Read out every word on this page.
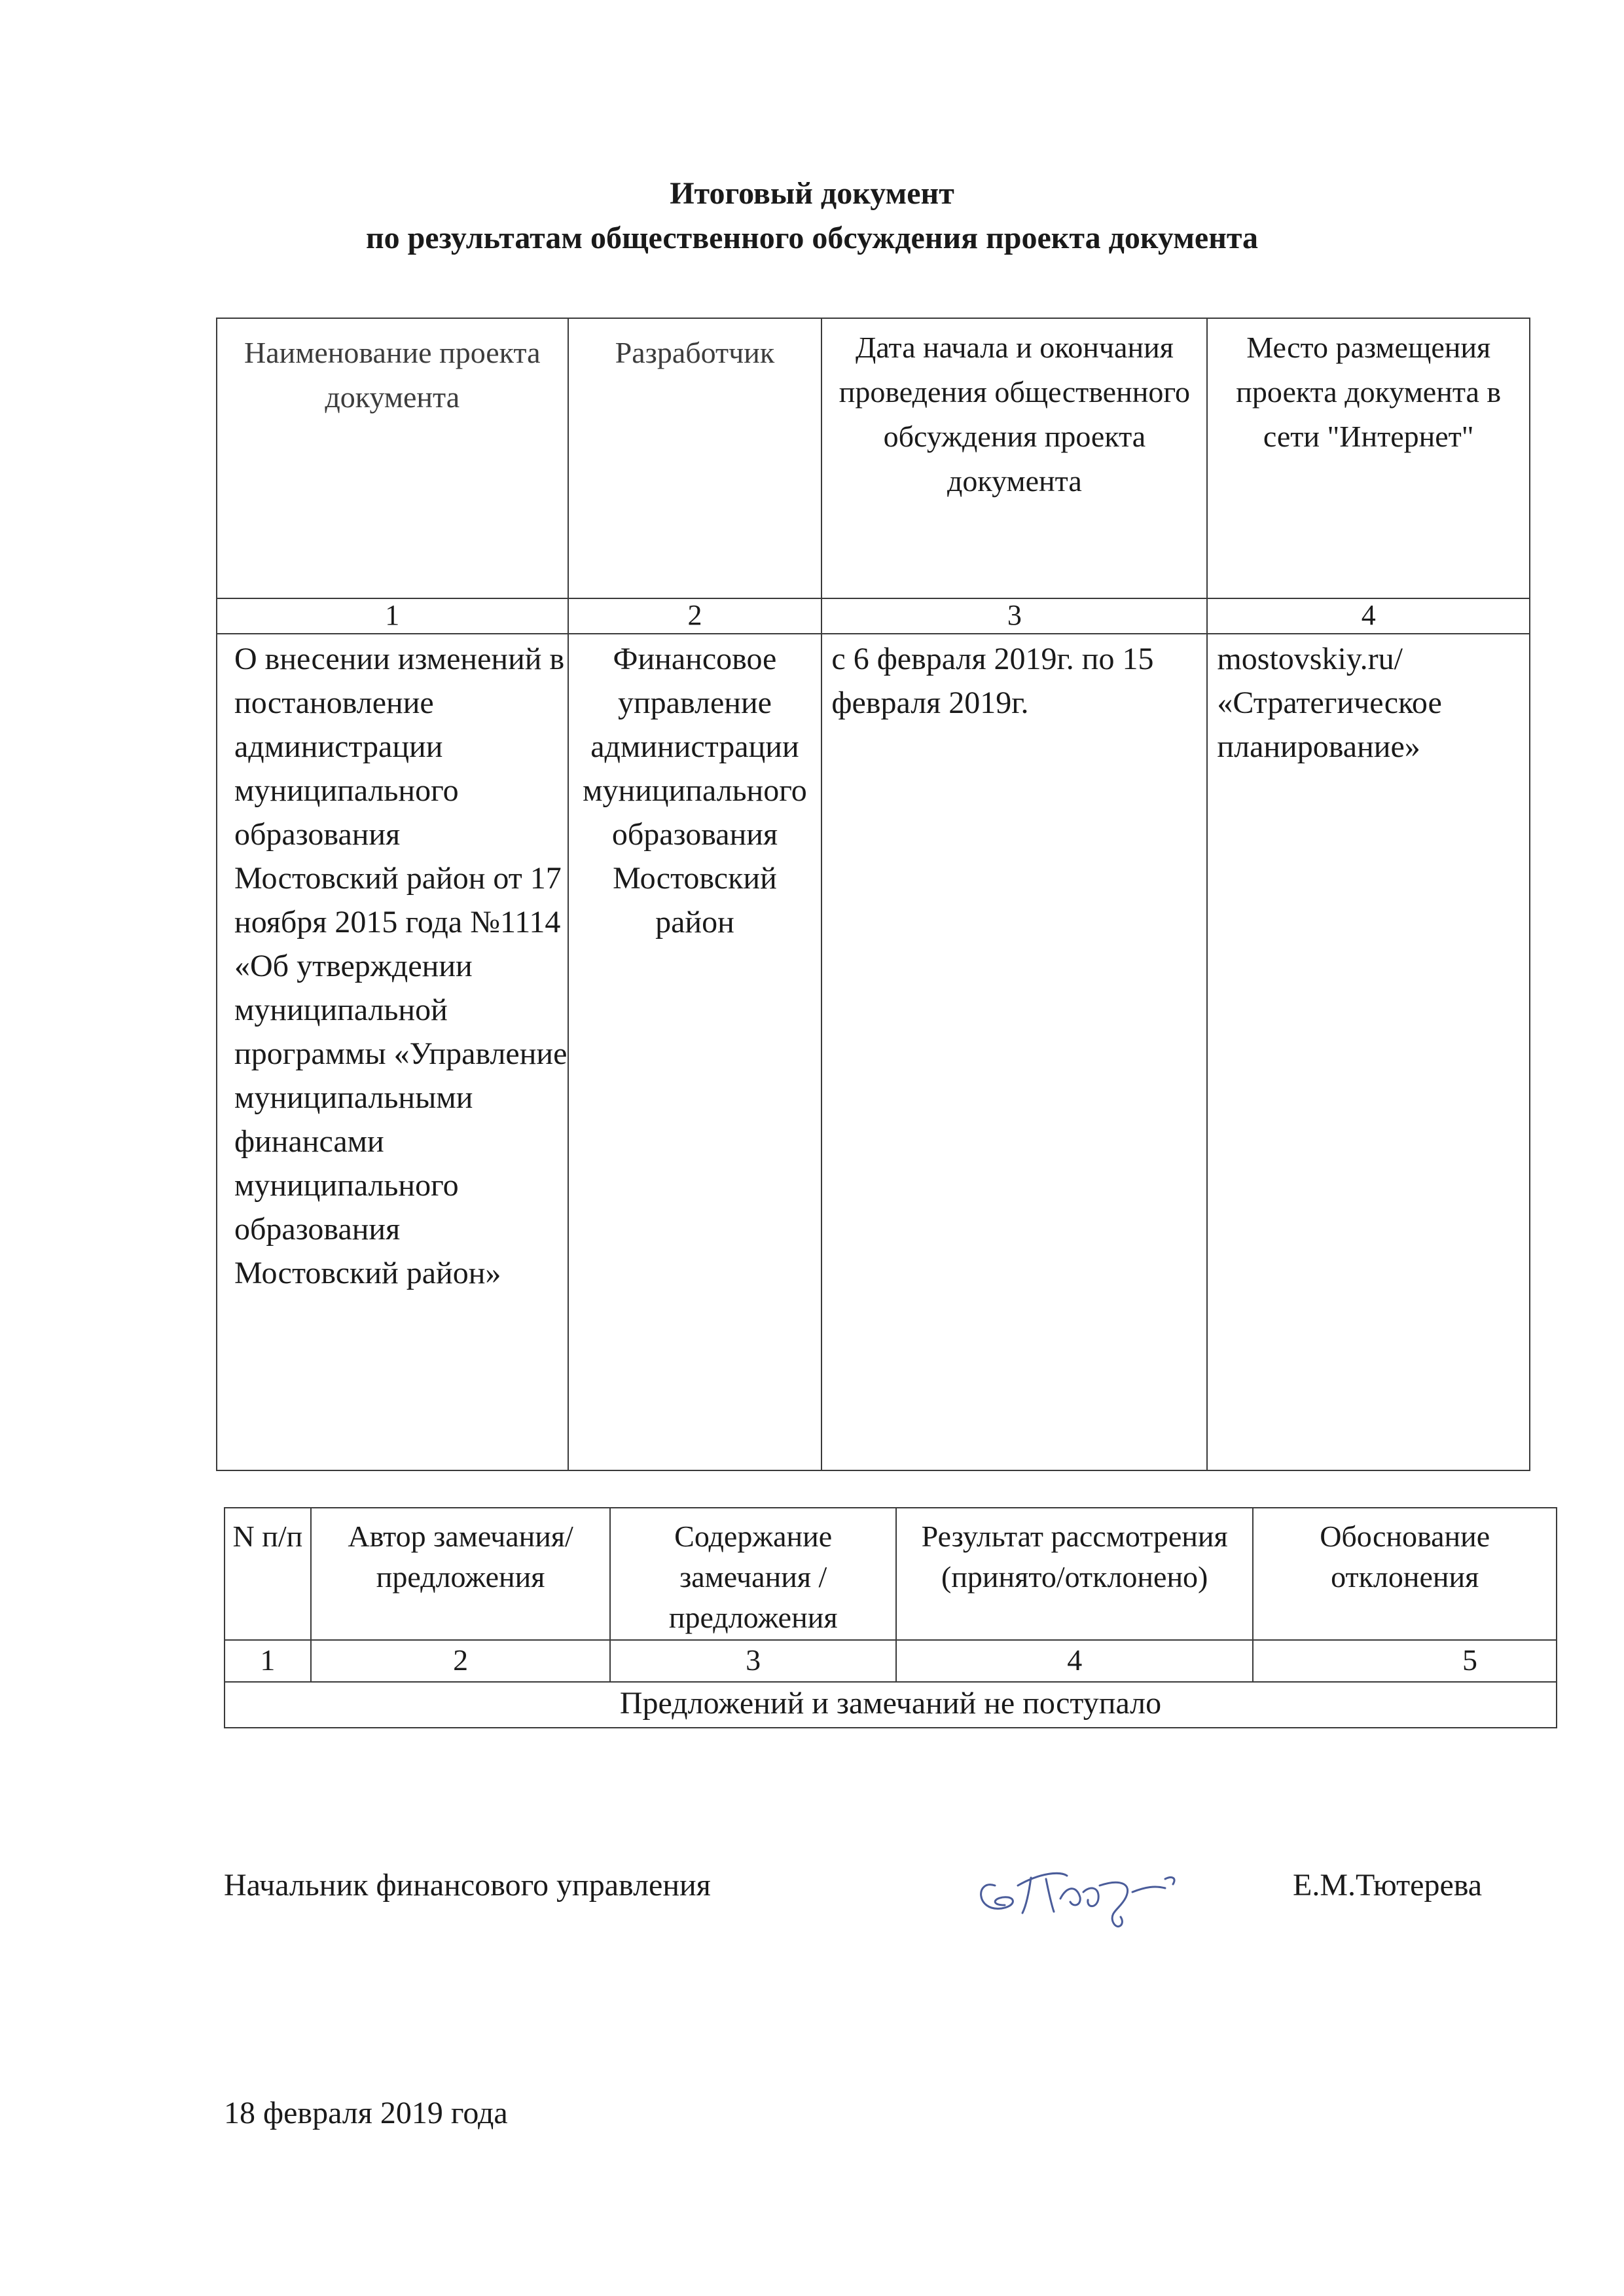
Итоговый документ
по результатам общественного обсуждения проекта документа
Наименование проекта документа	Разработчик	Дата начала и окончания проведения общественного обсуждения проекта документа	Место размещения проекта документа в сети "Интернет"
1	2	3	4
О внесении изменений в постановление администрации муниципального образования Мостовский район от 17 ноября 2015 года №1114 «Об утверждении муниципальной программы «Управление муниципальными финансами муниципального образования Мостовский район»	Финансовое управление администрации муниципального образования Мостовский район	с 6 февраля 2019г. по 15 февраля 2019г.	mostovskiy.ru/ «Стратегическое планирование»
N п/п	Автор замечания/ предложения	Содержание замечания / предложения	Результат рассмотрения (принято/отклонено)	Обоснование отклонения
1	2	3	4	5
Предложений и замечаний не поступало				
Начальник финансового управления	Е.М.Тютерева
18 февраля 2019 года
